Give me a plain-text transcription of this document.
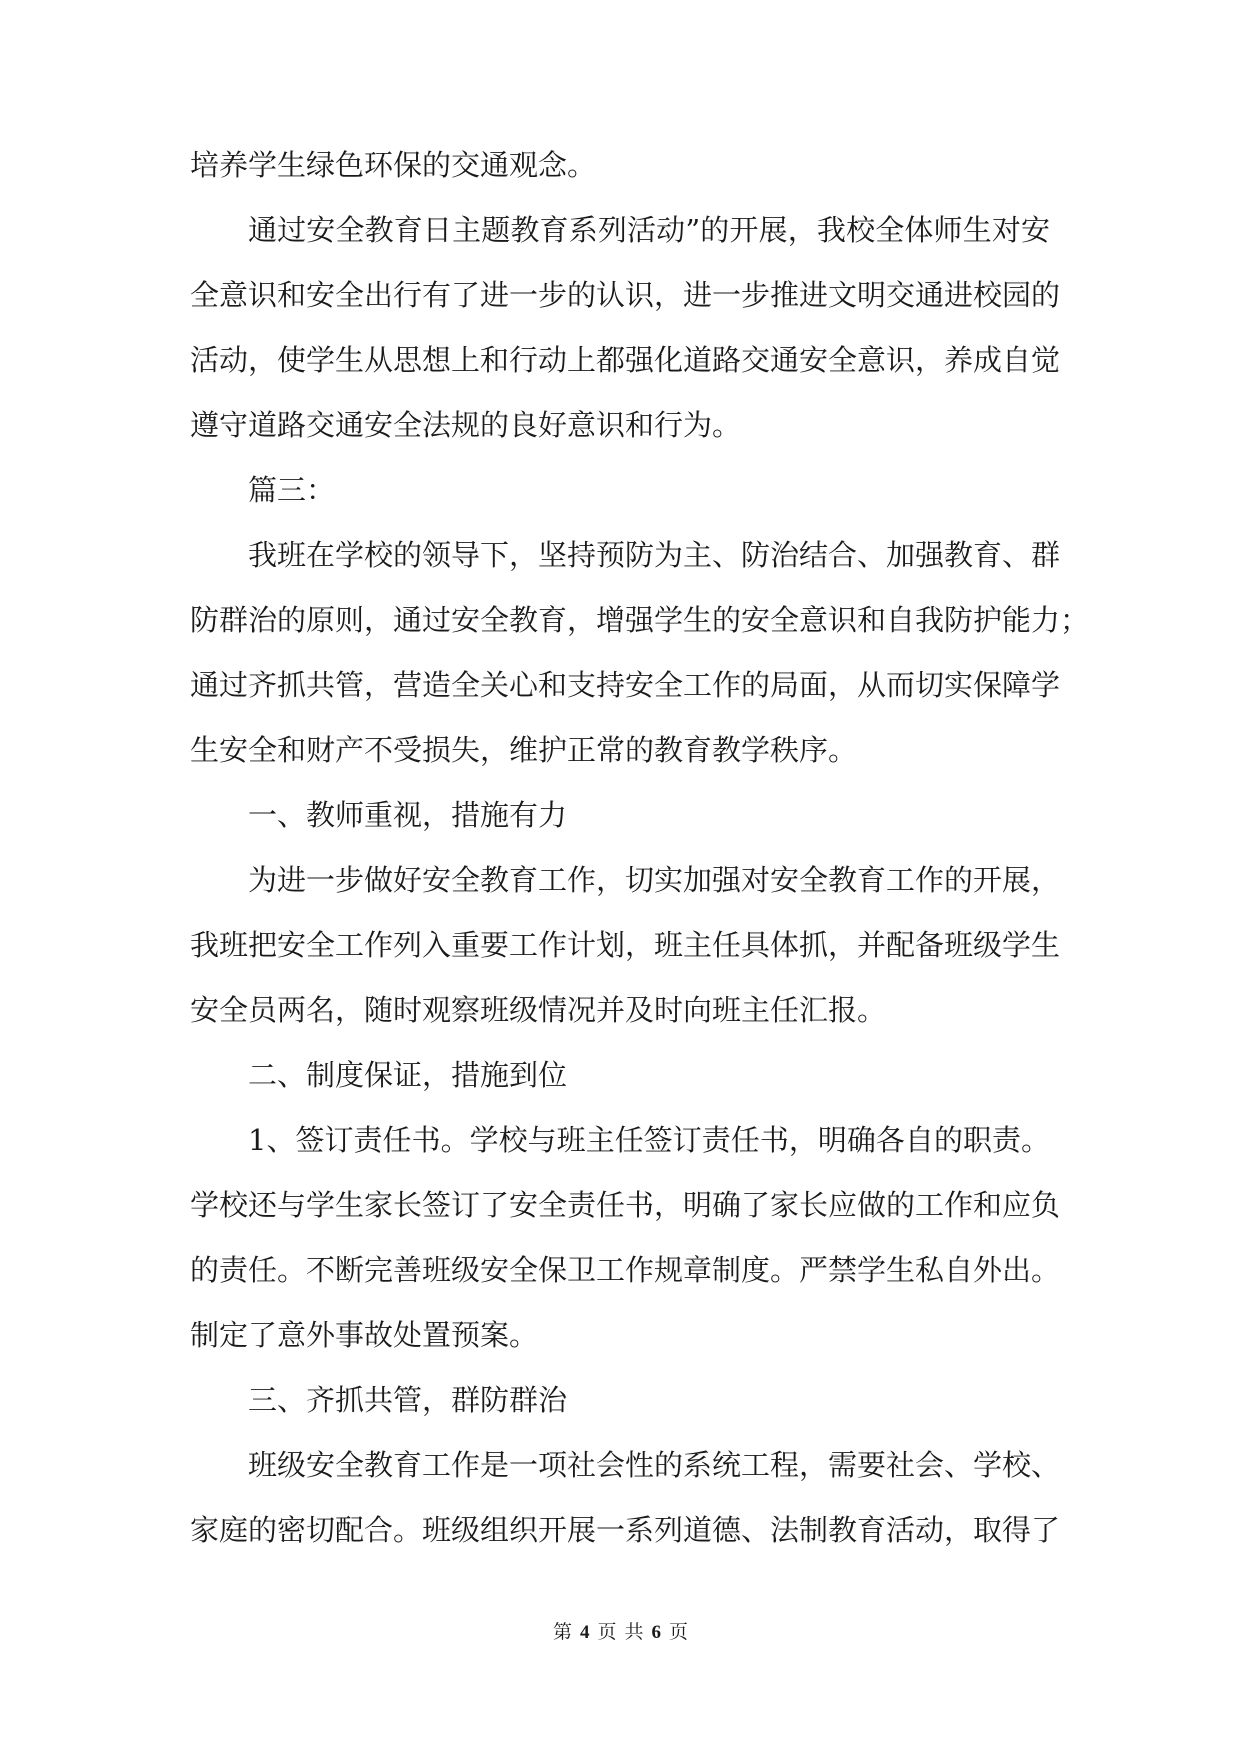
培养学生绿色环保的交通观念。
通过安全教育日主题教育系列活动”的开展，我校全体师生对安
全意识和安全出行有了进一步的认识，进一步推进文明交通进校园的
活动，使学生从思想上和行动上都强化道路交通安全意识，养成自觉
遵守道路交通安全法规的良好意识和行为。
篇三：
我班在学校的领导下，坚持预防为主、防治结合、加强教育、群
防群治的原则，通过安全教育，增强学生的安全意识和自我防护能力；
通过齐抓共管，营造全关心和支持安全工作的局面，从而切实保障学
生安全和财产不受损失，维护正常的教育教学秩序。
一、教师重视，措施有力
为进一步做好安全教育工作，切实加强对安全教育工作的开展，
我班把安全工作列入重要工作计划，班主任具体抓，并配备班级学生
安全员两名，随时观察班级情况并及时向班主任汇报。
二、制度保证，措施到位
1、签订责任书。学校与班主任签订责任书，明确各自的职责。
学校还与学生家长签订了安全责任书，明确了家长应做的工作和应负
的责任。不断完善班级安全保卫工作规章制度。严禁学生私自外出。
制定了意外事故处置预案。
三、齐抓共管，群防群治
班级安全教育工作是一项社会性的系统工程，需要社会、学校、
家庭的密切配合。班级组织开展一系列道德、法制教育活动，取得了
第 4 页 共 6 页
